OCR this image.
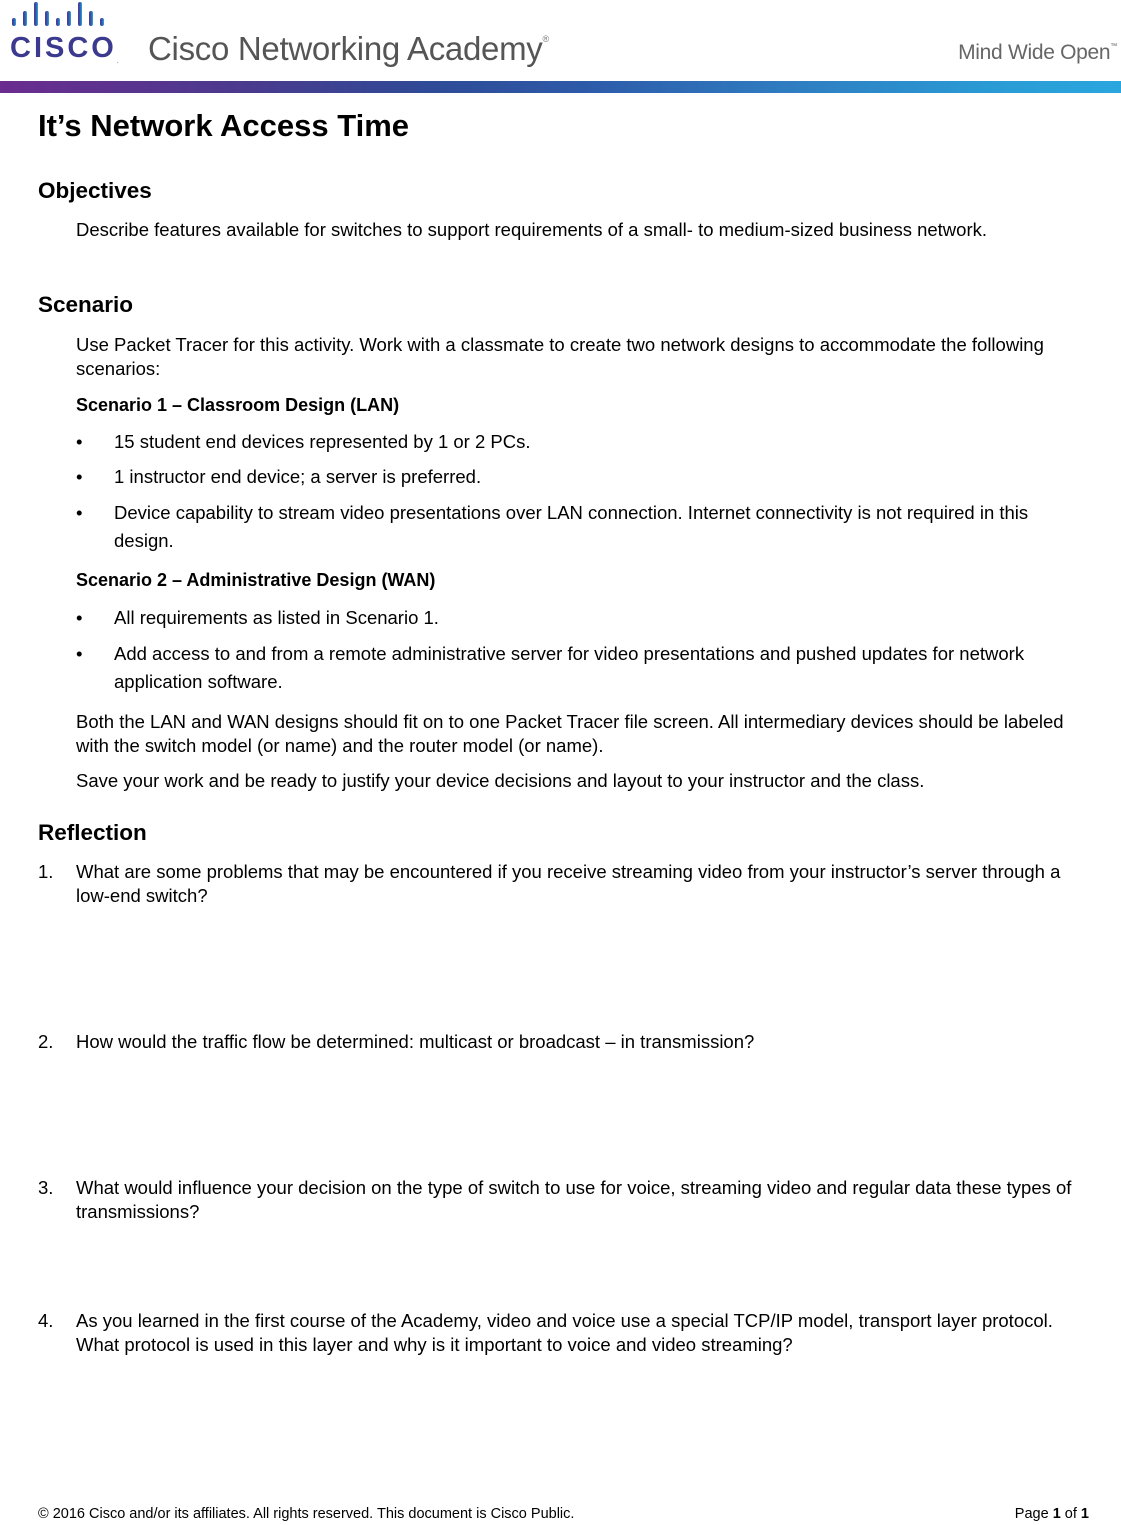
CISCO. Cisco Networking Academy®
Mind Wide Open™
It’s Network Access Time
Objectives
Describe features available for switches to support requirements of a small- to medium-sized business network.
Scenario
Use Packet Tracer for this activity. Work with a classmate to create two network designs to accommodate the following scenarios:
Scenario 1 – Classroom Design (LAN)
•	15 student end devices represented by 1 or 2 PCs.
•	1 instructor end device; a server is preferred.
•	Device capability to stream video presentations over LAN connection. Internet connectivity is not required in this design.
Scenario 2 – Administrative Design (WAN)
•	All requirements as listed in Scenario 1.
•	Add access to and from a remote administrative server for video presentations and pushed updates for network application software.
Both the LAN and WAN designs should fit on to one Packet Tracer file screen. All intermediary devices should be labeled with the switch model (or name) and the router model (or name).
Save your work and be ready to justify your device decisions and layout to your instructor and the class.
Reflection
1. What are some problems that may be encountered if you receive streaming video from your instructor’s server through a low-end switch?
2. How would the traffic flow be determined: multicast or broadcast – in transmission?
3. What would influence your decision on the type of switch to use for voice, streaming video and regular data these types of transmissions?
4. As you learned in the first course of the Academy, video and voice use a special TCP/IP model, transport layer protocol. What protocol is used in this layer and why is it important to voice and video streaming?
© 2016 Cisco and/or its affiliates. All rights reserved. This document is Cisco Public.	Page 1 of 1
